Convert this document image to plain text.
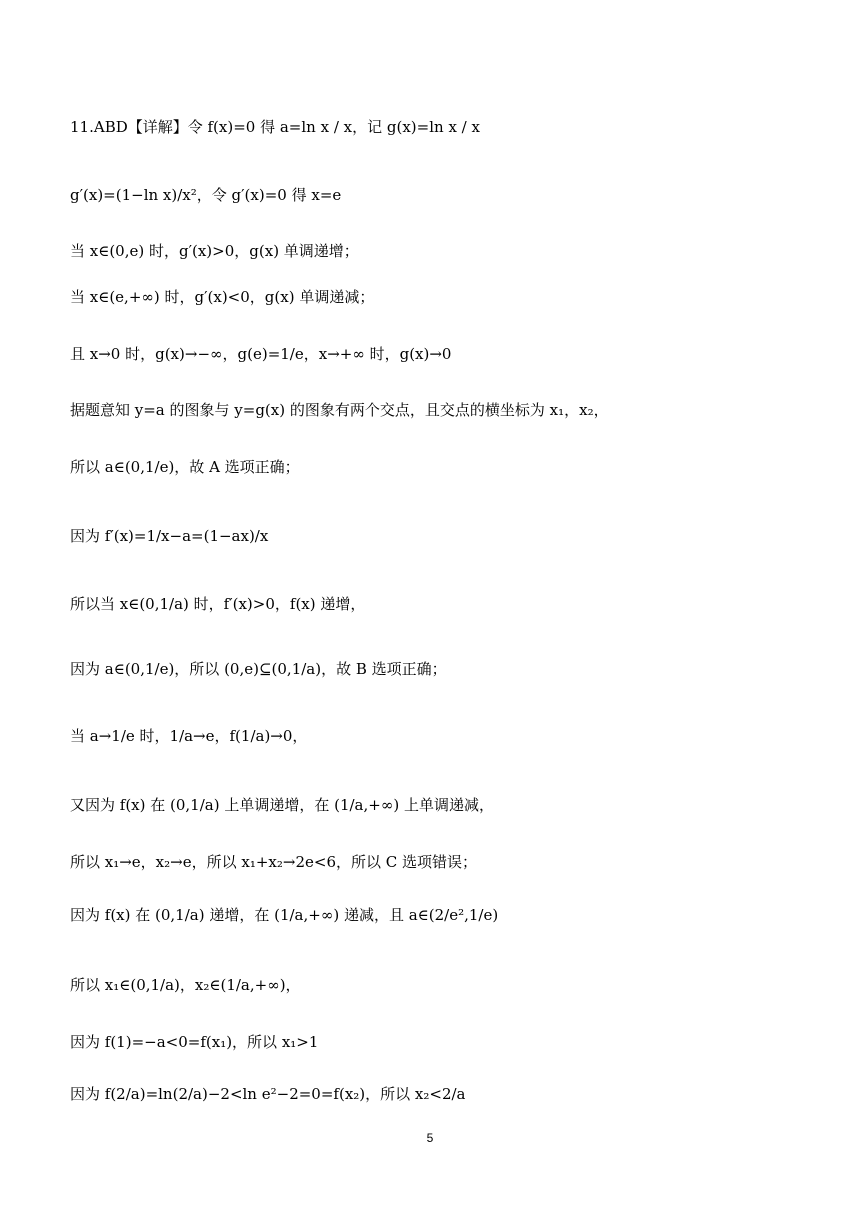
11.ABD【详解】令 f(x)=0 得 a=ln x / x，记 g(x)=ln x / x
g′(x)=(1−ln x)/x²，令 g′(x)=0 得 x=e
当 x∈(0,e) 时，g′(x)>0，g(x) 单调递增；
当 x∈(e,+∞) 时，g′(x)<0，g(x) 单调递减；
且 x→0 时，g(x)→−∞，g(e)=1/e，x→+∞ 时，g(x)→0
据题意知 y=a 的图象与 y=g(x) 的图象有两个交点，且交点的横坐标为 x₁，x₂，
所以 a∈(0,1/e)，故 A 选项正确；
因为 f′(x)=1/x−a=(1−ax)/x
所以当 x∈(0,1/a) 时，f′(x)>0，f(x) 递增，
因为 a∈(0,1/e)，所以 (0,e)⊆(0,1/a)，故 B 选项正确；
当 a→1/e 时，1/a→e，f(1/a)→0，
又因为 f(x) 在 (0,1/a) 上单调递增，在 (1/a,+∞) 上单调递减，
所以 x₁→e，x₂→e，所以 x₁+x₂→2e<6，所以 C 选项错误；
因为 f(x) 在 (0,1/a) 递增，在 (1/a,+∞) 递减，且 a∈(2/e²,1/e)
所以 x₁∈(0,1/a)，x₂∈(1/a,+∞)，
因为 f(1)=−a<0=f(x₁)，所以 x₁>1
因为 f(2/a)=ln(2/a)−2<ln e²−2=0=f(x₂)，所以 x₂<2/a
5
